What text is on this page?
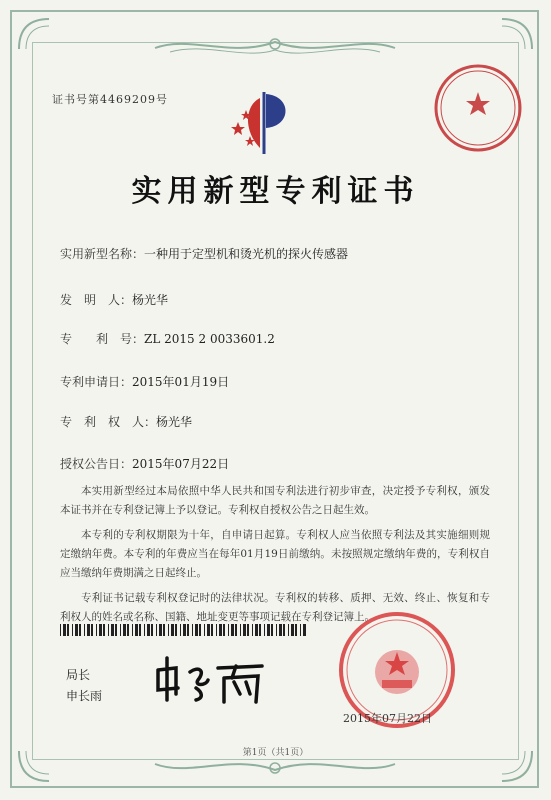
证书号第4469209号
实用新型专利证书
实用新型名称：一种用于定型机和烫光机的探火传感器
发　明　人：杨光华
专　　利　号：ZL 2015 2 0033601.2
专利申请日：2015年01月19日
专　利　权　人：杨光华
授权公告日：2015年07月22日

本实用新型经过本局依照中华人民共和国专利法进行初步审查，决定授予专利权，颁发本证书并在专利登记簿上予以登记。专利权自授权公告之日起生效。

本专利的专利权期限为十年，自申请日起算。专利权人应当依照专利法及其实施细则规定缴纳年费。本专利的年费应当在每年01月19日前缴纳。未按照规定缴纳年费的，专利权自应当缴纳年费期满之日起终止。

专利证书记载专利权登记时的法律状况。专利权的转移、质押、无效、终止、恢复和专利权人的姓名或名称、国籍、地址变更等事项记载在专利登记簿上。

局长
申长雨
2015年07月22日
第1页（共1页）
